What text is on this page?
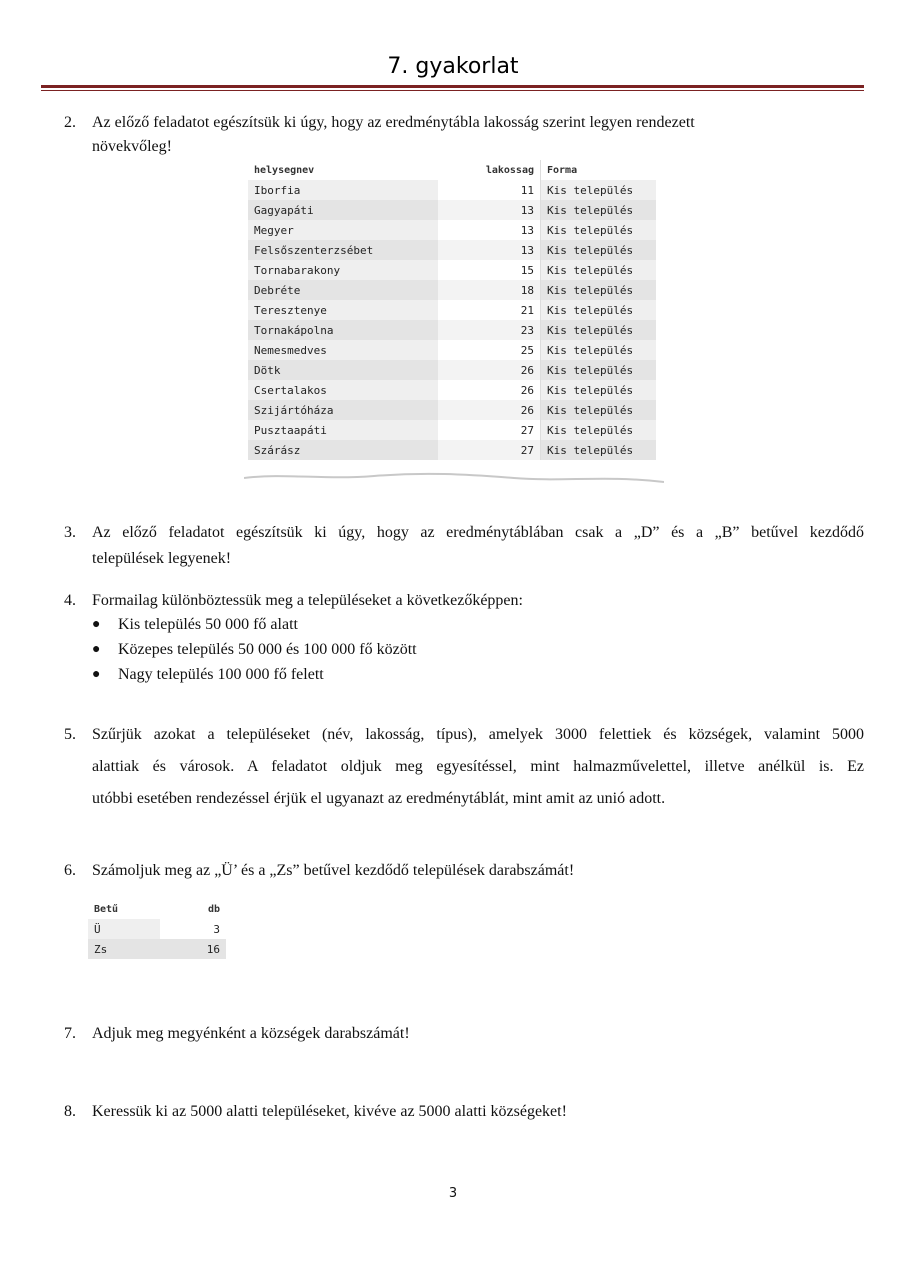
7. gyakorlat
2. Az előző feladatot egészítsük ki úgy, hogy az eredménytábla lakosság szerint legyen rendezett
növekvőleg!
helysegnev	lakossag	Forma
Iborfia	11	Kis település
Gagyapáti	13	Kis település
Megyer	13	Kis település
Felsőszenterzsébet	13	Kis település
Tornabarakony	15	Kis település
Debréte	18	Kis település
Teresztenye	21	Kis település
Tornakápolna	23	Kis település
Nemesmedves	25	Kis település
Dötk	26	Kis település
Csertalakos	26	Kis település
Szijártóháza	26	Kis település
Pusztaapáti	27	Kis település
Szárász	27	Kis település
3. Az előző feladatot egészítsük ki úgy, hogy az eredménytáblában csak a „D” és a „B” betűvel kezdődő
települések legyenek!
4. Formailag különböztessük meg a településeket a következőképpen:
● Kis település 50 000 fő alatt
● Közepes település 50 000 és 100 000 fő között
● Nagy település 100 000 fő felett
5. Szűrjük azokat a településeket (név, lakosság, típus), amelyek 3000 felettiek és községek, valamint 5000
alattiak és városok. A feladatot oldjuk meg egyesítéssel, mint halmazművelettel, illetve anélkül is. Ez
utóbbi esetében rendezéssel érjük el ugyanazt az eredménytáblát, mint amit az unió adott.
6. Számoljuk meg az „Ü’ és a „Zs” betűvel kezdődő települések darabszámát!
Betű	db
Ü	3
Zs	16
7. Adjuk meg megyénként a községek darabszámát!
8. Keressük ki az 5000 alatti településeket, kivéve az 5000 alatti községeket!
3
